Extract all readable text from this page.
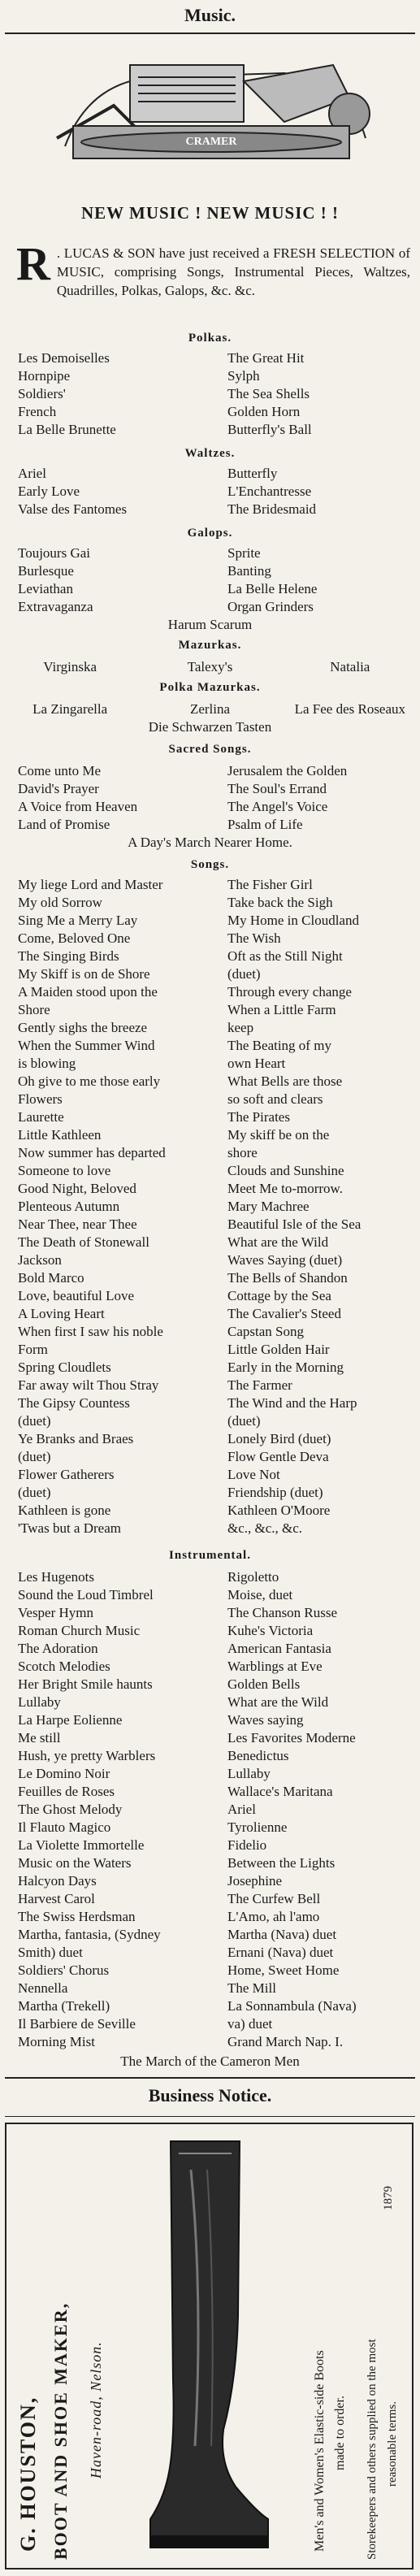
Music.
CRAMER
NEW MUSIC ! NEW MUSIC ! !
R . LUCAS & SON have just received a FRESH SELECTION of MUSIC, comprising Songs, Instrumental Pieces, Waltzes, Quadrilles, Polkas, Galops, &c. &c.
Polkas.
Les Demoiselles	The Great Hit
Hornpipe	Sylph
Soldiers'	The Sea Shells
French	Golden Horn
La Belle Brunette	Butterfly's Ball
Waltzes.
Ariel	Butterfly
Early Love	L'Enchantresse
Valse des Fantomes	The Bridesmaid
Galops.
Toujours Gai	Sprite
Burlesque	Banting
Leviathan	La Belle Helene
Extravaganza	Organ Grinders
Harum Scarum
Mazurkas.
Virginska	Talexy's	Natalia
Polka Mazurkas.
La Zingarella	Zerlina	La Fee des Roseaux
Die Schwarzen Tasten
Sacred Songs.
Come unto Me	Jerusalem the Golden
David's Prayer	The Soul's Errand
A Voice from Heaven	The Angel's Voice
Land of Promise	Psalm of Life
A Day's March Nearer Home.
Songs.
My liege Lord and Master	The Fisher Girl
My old Sorrow	Take back the Sigh
Sing Me a Merry Lay	My Home in Cloudland
Come, Beloved One	The Wish
The Singing Birds	Oft as the Still Night
My Skiff is on de Shore	(duet)
A Maiden stood upon the	Through every change
Shore	When a Little Farm
Gently sighs the breeze	keep
When the Summer Wind	The Beating of my
is blowing	own Heart
Oh give to me those early	What Bells are those
Flowers	so soft and clears
Laurette	The Pirates
Little Kathleen	My skiff be on the
Now summer has departed	shore
Someone to love	Clouds and Sunshine
Good Night, Beloved	Meet Me to-morrow.
Plenteous Autumn	Mary Machree
Near Thee, near Thee	Beautiful Isle of the Sea
The Death of Stonewall	What are the Wild
Jackson	Waves Saying (duet)
Bold Marco	The Bells of Shandon
Love, beautiful Love	Cottage by the Sea
A Loving Heart	The Cavalier's Steed
When first I saw his noble	Capstan Song
Form	Little Golden Hair
Spring Cloudlets	Early in the Morning
Far away wilt Thou Stray	The Farmer
The Gipsy Countess	The Wind and the Harp
(duet)	(duet)
Ye Branks and Braes	Lonely Bird (duet)
(duet)	Flow Gentle Deva
Flower Gatherers	Love Not
(duet)	Friendship (duet)
Kathleen is gone	Kathleen O'Moore
'Twas but a Dream	&c., &c., &c.
Instrumental.
Les Hugenots	Rigoletto
Sound the Loud Timbrel	Moise, duet
Vesper Hymn	The Chanson Russe
Roman Church Music	Kuhe's Victoria
The Adoration	American Fantasia
Scotch Melodies	Warblings at Eve
Her Bright Smile haunts	Golden Bells
Lullaby	What are the Wild
La Harpe Eolienne	Waves saying
Me still	Les Favorites Moderne
Hush, ye pretty Warblers	Benedictus
Le Domino Noir	Lullaby
Feuilles de Roses	Wallace's Maritana
The Ghost Melody	Ariel
Il Flauto Magico	Tyrolienne
La Violette Immortelle	Fidelio
Music on the Waters	Between the Lights
Halcyon Days	Josephine
Harvest Carol	The Curfew Bell
The Swiss Herdsman	L'Amo, ah l'amo
Martha, fantasia, (Sydney	Martha (Nava) duet
Smith) duet	Ernani (Nava) duet
Soldiers' Chorus	Home, Sweet Home
Nennella	The Mill
Martha (Trekell)	La Sonnambula (Nava)
Il Barbiere de Seville	va) duet
Morning Mist	Grand March Nap. I.
The March of the Cameron Men
Business Notice.
G. HOUSTON, BOOT AND SHOE MAKER, Haven-road, Nelson.	Men's and Women's Elastic-side Boots made to order. Storekeepers and others supplied on the most reasonable terms.
1879
